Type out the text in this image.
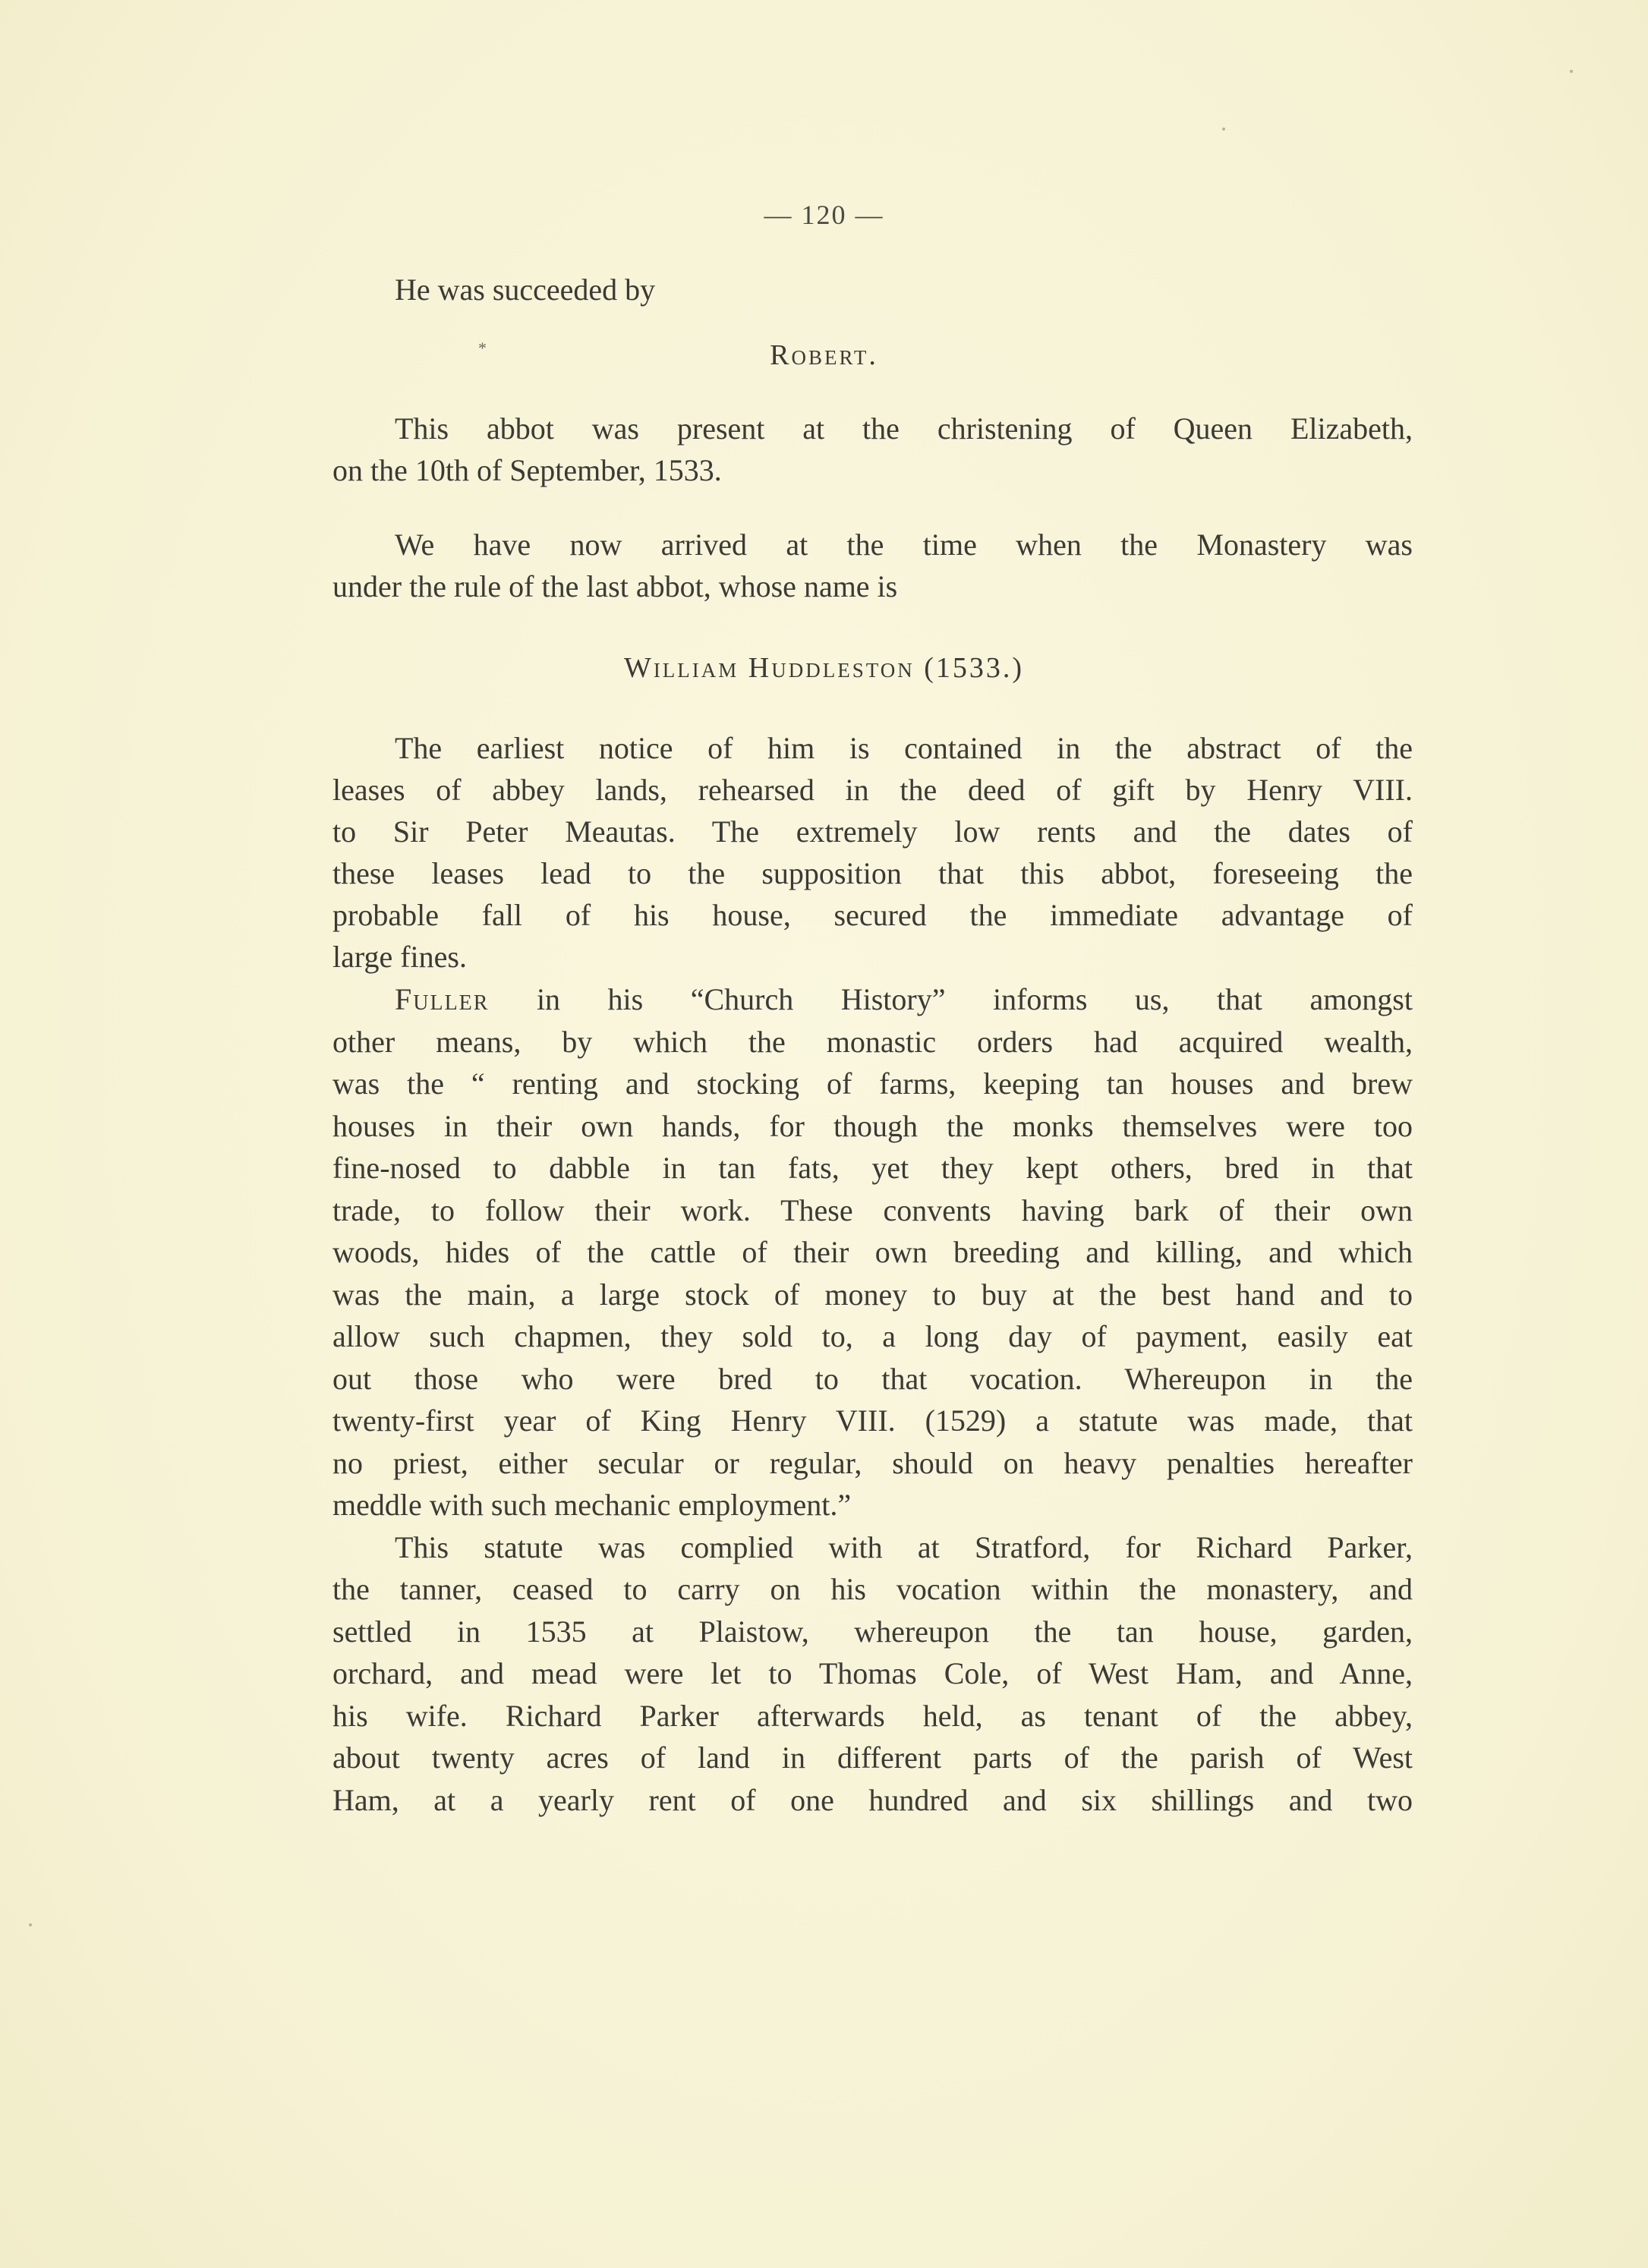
— 120 —
He was succeeded by
*	Robert.
This abbot was present at the christening of Queen Elizabeth,
on the 10th of September, 1533.
We have now arrived at the time when the Monastery was
under the rule of the last abbot, whose name is
William Huddleston (1533.)
The earliest notice of him is contained in the abstract of the
leases of abbey lands, rehearsed in the deed of gift by Henry VIII.
to Sir Peter Meautas. The extremely low rents and the dates of
these leases lead to the supposition that this abbot, foreseeing the
probable fall of his house, secured the immediate advantage of
large fines.
Fuller in his “Church History” informs us, that amongst
other means, by which the monastic orders had acquired wealth,
was the “ renting and stocking of farms, keeping tan houses and brew
houses in their own hands, for though the monks themselves were too
fine-nosed to dabble in tan fats, yet they kept others, bred in that
trade, to follow their work. These convents having bark of their own
woods, hides of the cattle of their own breeding and killing, and which
was the main, a large stock of money to buy at the best hand and to
allow such chapmen, they sold to, a long day of payment, easily eat
out those who were bred to that vocation. Whereupon in the
twenty-first year of King Henry VIII. (1529) a statute was made, that
no priest, either secular or regular, should on heavy penalties hereafter
meddle with such mechanic employment.”
This statute was complied with at Stratford, for Richard Parker,
the tanner, ceased to carry on his vocation within the monastery, and
settled in 1535 at Plaistow, whereupon the tan house, garden,
orchard, and mead were let to Thomas Cole, of West Ham, and Anne,
his wife. Richard Parker afterwards held, as tenant of the abbey,
about twenty acres of land in different parts of the parish of West
Ham, at a yearly rent of one hundred and six shillings and two
